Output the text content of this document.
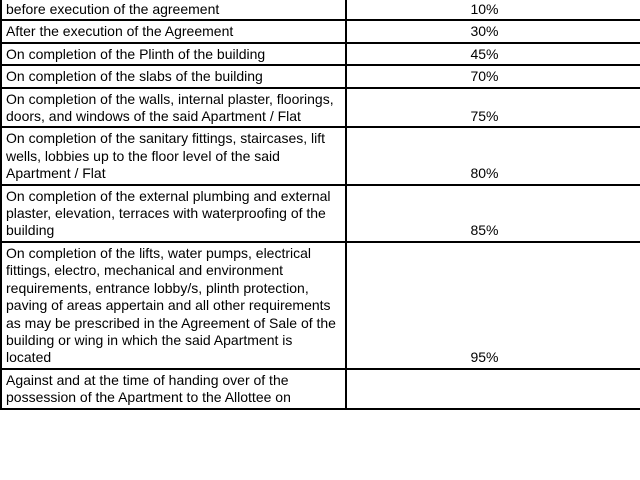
before execution of the agreement	10%
After the execution of the Agreement	30%
On completion of the Plinth of the building	45%
On completion of the slabs of the building	70%
On completion of the walls, internal plaster, floorings, doors, and windows of the said Apartment / Flat	75%
On completion of the sanitary fittings, staircases, lift wells, lobbies up to the floor level of the said Apartment / Flat	80%
On completion of the external plumbing and external plaster, elevation, terraces with waterproofing of the building	85%
On completion of the lifts, water pumps, electrical fittings, electro, mechanical and environment requirements, entrance lobby/s, plinth protection, paving of areas appertain and all other requirements as may be prescribed in the Agreement of Sale of the building or wing in which the said Apartment is located	95%
Against and at the time of handing over of the possession of the Apartment to the Allottee on	
